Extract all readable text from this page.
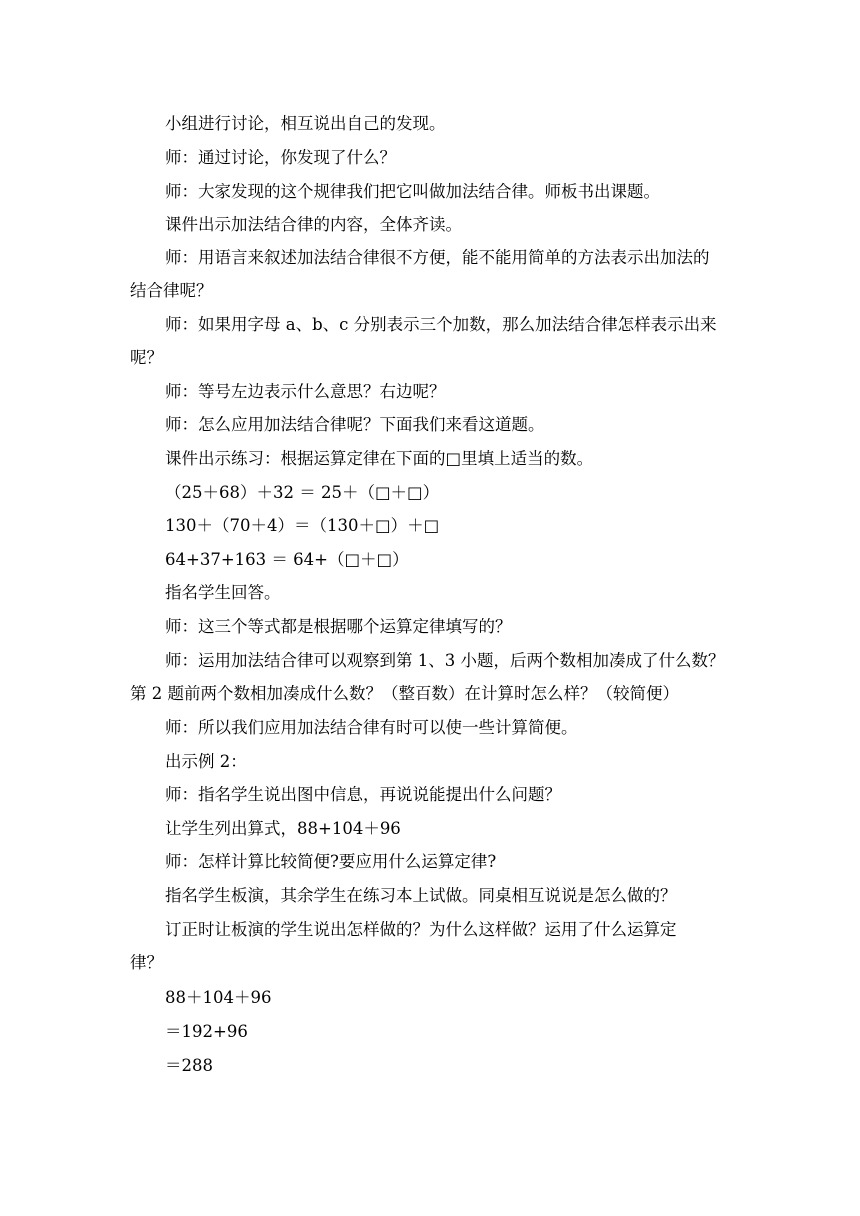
小组进行讨论，相互说出自己的发现。
师：通过讨论，你发现了什么？
师：大家发现的这个规律我们把它叫做加法结合律。师板书出课题。
课件出示加法结合律的内容，全体齐读。
师：用语言来叙述加法结合律很不方便，能不能用简单的方法表示出加法的
结合律呢？
师：如果用字母 a、b、c 分别表示三个加数，那么加法结合律怎样表示出来
呢？
师：等号左边表示什么意思？右边呢？
师：怎么应用加法结合律呢？下面我们来看这道题。
课件出示练习：根据运算定律在下面的□里填上适当的数。
（25＋68）＋32 ＝ 25＋（□＋□）
130＋（70＋4）＝（130＋□）＋□
64+37+163 ＝ 64+（□＋□）
指名学生回答。
师：这三个等式都是根据哪个运算定律填写的？
师：运用加法结合律可以观察到第 1、3 小题，后两个数相加凑成了什么数？
第 2 题前两个数相加凑成什么数？（整百数）在计算时怎么样？（较简便）
师：所以我们应用加法结合律有时可以使一些计算简便。
出示例 2：
师：指名学生说出图中信息，再说说能提出什么问题？
让学生列出算式，88+104＋96
师：怎样计算比较简便?要应用什么运算定律?
指名学生板演，其余学生在练习本上试做。同桌相互说说是怎么做的？
订正时让板演的学生说出怎样做的？为什么这样做？运用了什么运算定
律？
88＋104＋96
＝192+96
＝288
